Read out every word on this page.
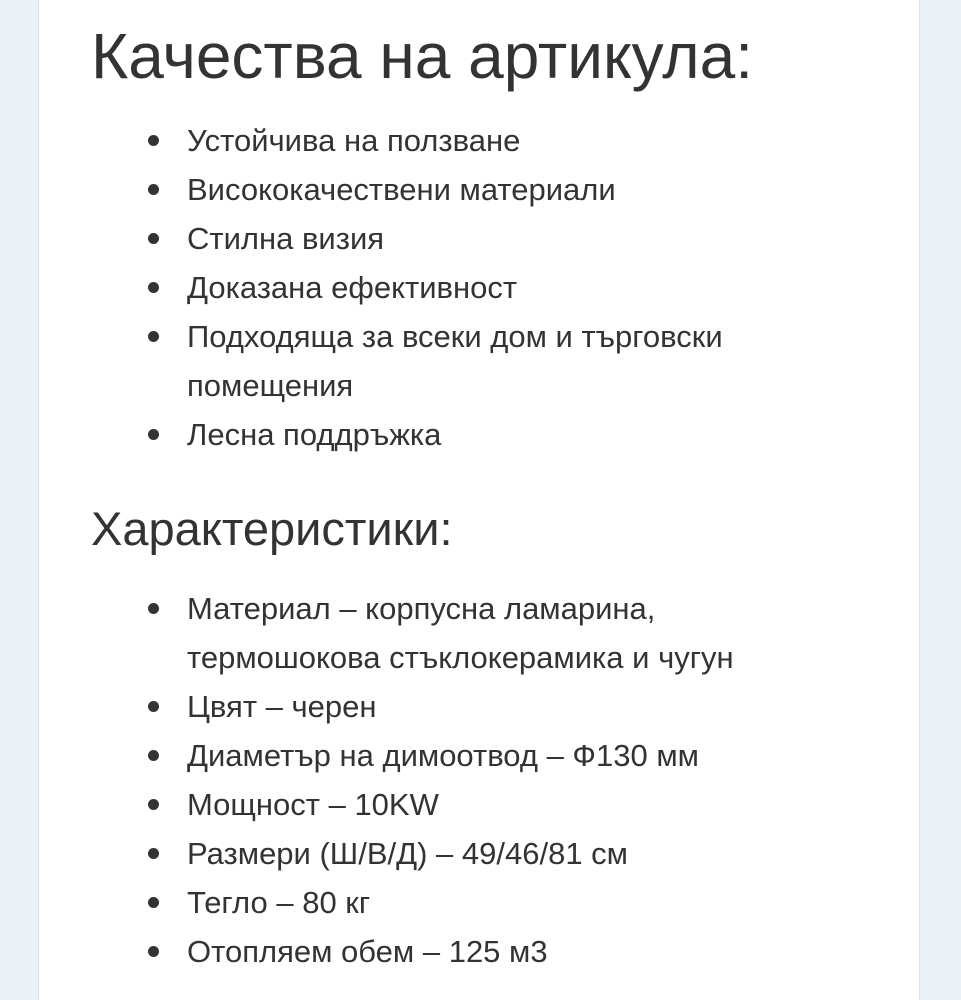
Качества на артикула:
Устойчива на ползване
Висококачествени материали
Стилна визия
Доказана ефективност
Подходяща за всеки дом и търговски помещения
Лесна поддръжка
Характеристики:
Материал – корпусна ламарина, термошокова стъклокерамика и чугун
Цвят – черен
Диаметър на димоотвод – Ф130 мм
Мощност – 10KW
Размери (Ш/В/Д) – 49/46/81 см
Тегло – 80 кг
Отопляем обем – 125 м3
